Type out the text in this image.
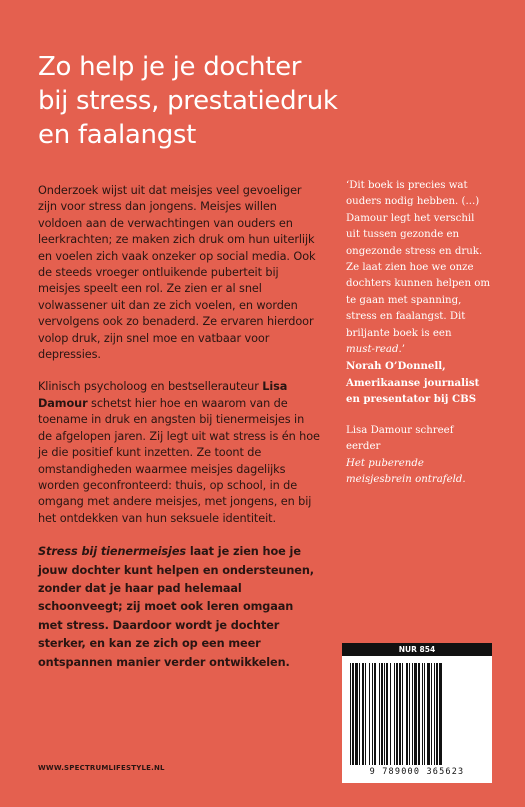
Zo help je je dochter
bij stress, prestatiedruk
en faalangst

Onderzoek wijst uit dat meisjes veel gevoeliger zijn voor stress dan jongens. Meisjes willen voldoen aan de verwachtingen van ouders en leerkrachten; ze maken zich druk om hun uiterlijk en voelen zich vaak onzeker op social media. Ook de steeds vroeger ontluikende puberteit bij meisjes speelt een rol. Ze zien er al snel volwassener uit dan ze zich voelen, en worden vervolgens ook zo benaderd. Ze ervaren hierdoor volop druk, zijn snel moe en vatbaar voor depressies.

Klinisch psycholoog en bestsellerauteur Lisa Damour schetst hier hoe en waarom van de toename in druk en angsten bij tienermeisjes in de afgelopen jaren. Zij legt uit wat stress is én hoe je die positief kunt inzetten. Ze toont de omstandigheden waarmee meisjes dagelijks worden geconfronteerd: thuis, op school, in de omgang met andere meisjes, met jongens, en bij het ontdekken van hun seksuele identiteit.

Stress bij tienermeisjes laat je zien hoe je jouw dochter kunt helpen en ondersteunen, zonder dat je haar pad helemaal schoonveegt; zij moet ook leren omgaan met stress. Daardoor wordt je dochter sterker, en kan ze zich op een meer ontspannen manier verder ontwikkelen.

‘Dit boek is precies wat ouders nodig hebben. (...) Damour legt het verschil uit tussen gezonde en ongezonde stress en druk. Ze laat zien hoe we onze dochters kunnen helpen om te gaan met spanning, stress en faalangst. Dit briljante boek is een
must-read.’

Norah O’Donnell,

Amerikaanse journalist en presentator bij CBS

Lisa Damour schreef eerder

Het puberende meisjesbrein ontrafeld.

WWW.SPECTRUMLIFESTYLE.NL
NUR 854
9 789000 365623
